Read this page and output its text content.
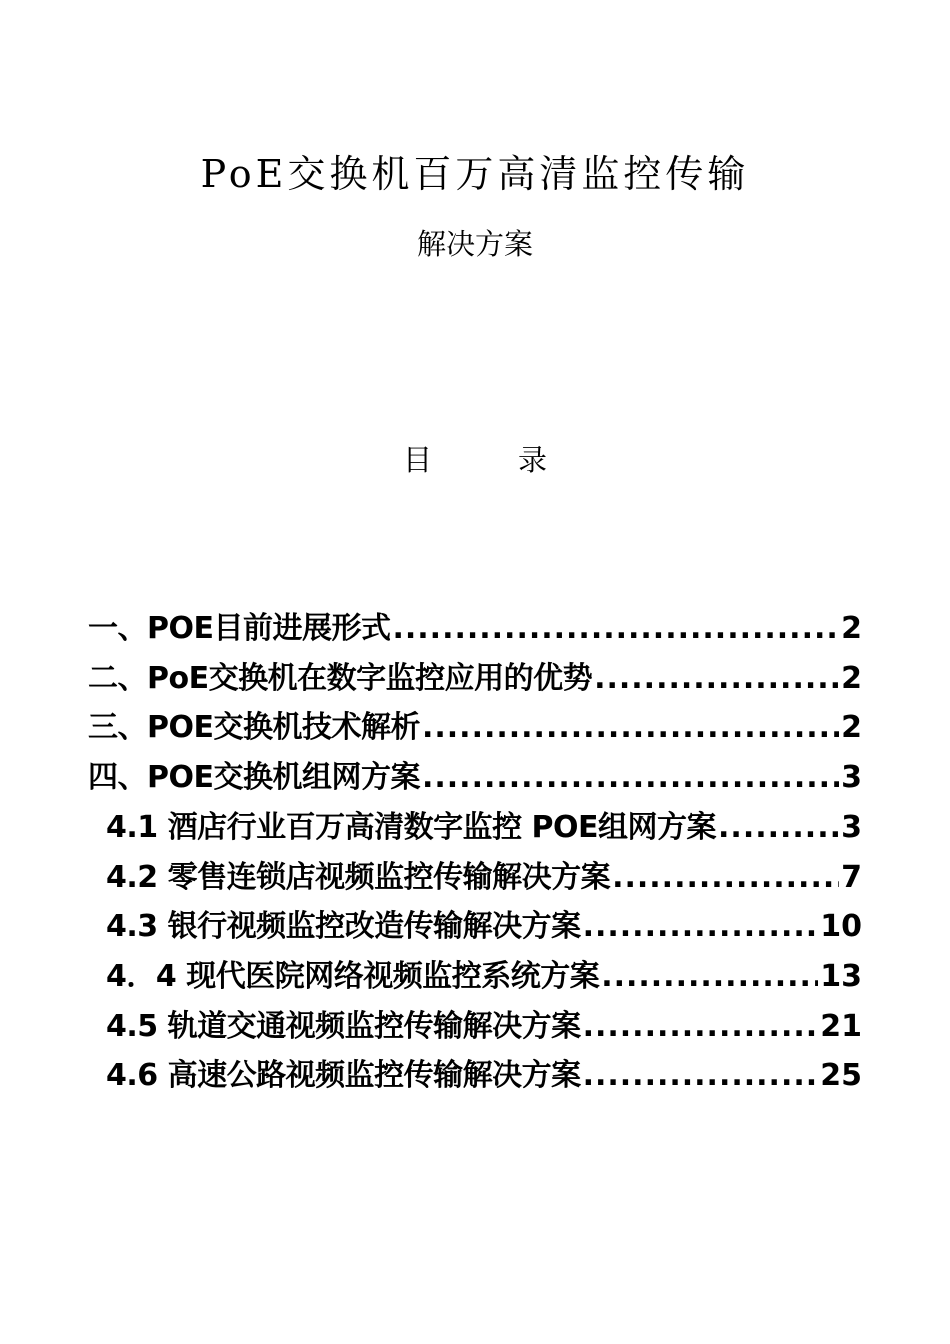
PoE交换机百万高清监控传输
解决方案
目	录
一、POE目前进展形式 .....	2
二、PoE交换机在数字监控应用的优势 .....	2
三、POE交换机技术解析 .....	2
四、POE交换机组网方案 .....	3
4.1 酒店行业百万高清数字监控 POE组网方案 .....	3
4.2 零售连锁店视频监控传输解决方案 .....	7
4.3 银行视频监控改造传输解决方案 .....	10
4．4 现代医院网络视频监控系统方案 .....	13
4.5 轨道交通视频监控传输解决方案 .....	21
4.6 高速公路视频监控传输解决方案 .....	25
